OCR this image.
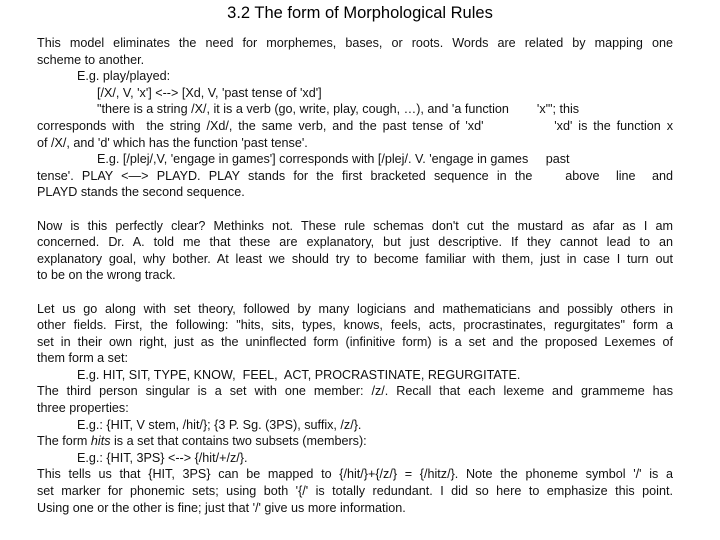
3.2 The form of Morphological Rules
This model eliminates the need for morphemes, bases, or roots. Words are related by mapping one
scheme to another.
E.g. play/played:
[/X/, V, 'x'] <--> [Xd, V, 'past tense of 'xd']
"there is a string /X/, it is a verb (go, write, play, cough, …), and 'a function        'x'"; this
corresponds with  the string /Xd/, the same verb, and the past tense of 'xd'            'xd' is the function x
of /X/, and 'd' which has the function 'past tense'.
E.g. [/plej/,V, 'engage in games'] corresponds with [/plej/. V. 'engage in games     past
tense'. PLAY <—> PLAYD. PLAY stands for the first bracketed sequence in the    above  line  and
PLAYD stands the second sequence.
Now is this perfectly clear? Methinks not. These rule schemas don't cut the mustard as afar as I am
concerned. Dr. A. told me that these are explanatory, but just descriptive. If they cannot lead to an
explanatory goal, why bother. At least we should try to become familiar with them, just in case I turn out
to be on the wrong track.
Let us go along with set theory, followed by many logicians and mathematicians and possibly others in
other fields. First, the following: "hits, sits, types, knows, feels, acts, procrastinates, regurgitates" form a
set in their own right, just as the uninflected form (infinitive form) is a set and the proposed Lexemes of
them form a set:
E.g. HIT, SIT, TYPE, KNOW,  FEEL,  ACT, PROCRASTINATE, REGURGITATE.
The third person singular is a set with one member: /z/. Recall that each lexeme and grammeme has
three properties:
E.g.: {HIT, V stem, /hit/}; {3 P. Sg. (3PS), suffix, /z/}.
The form hits is a set that contains two subsets (members):
E.g.: {HIT, 3PS} <--> {/hit/+/z/}.
This tells us that {HIT, 3PS} can be mapped to {/hit/}+{/z/} = {/hitz/}. Note the phoneme symbol '/' is a
set marker for phonemic sets; using both '{/' is totally redundant. I did so here to emphasize this point.
Using one or the other is fine; just that '/' give us more information.
